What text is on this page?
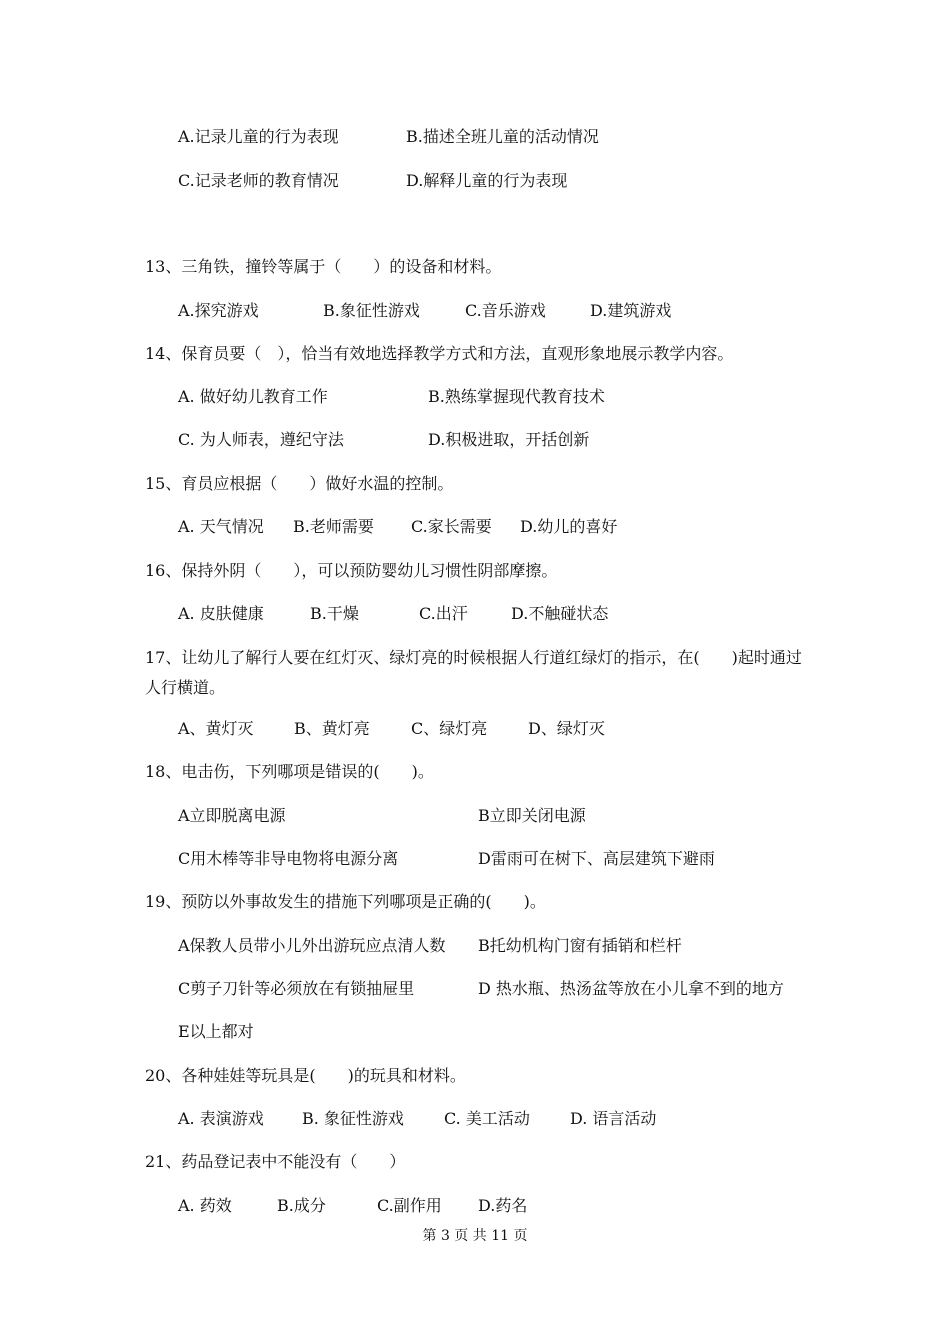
A.记录儿童的行为表现	B.描述全班儿童的活动情况
C.记录老师的教育情况	D.解释儿童的行为表现
13、三角铁，撞铃等属于（　　）的设备和材料。
A.探究游戏	B.象征性游戏	C.音乐游戏	D.建筑游戏
14、保育员要（　），恰当有效地选择教学方式和方法，直观形象地展示教学内容。
A. 做好幼儿教育工作	B.熟练掌握现代教育技术
C. 为人师表，遵纪守法	D.积极进取，开括创新
15、育员应根据（　　）做好水温的控制。
A. 天气情况 B.老师需要 C.家长需要 D.幼儿的喜好
16、保持外阴（　　），可以预防婴幼儿习惯性阴部摩擦。
A. 皮肤健康	B.干燥	C.出汗	D.不触碰状态
17、让幼儿了解行人要在红灯灭、绿灯亮的时候根据人行道红绿灯的指示，在(　　)起时通过人行横道。
A、黄灯灭	B、黄灯亮	C、绿灯亮	D、绿灯灭
18、电击伤，下列哪项是错误的(　　)。
A立即脱离电源	B立即关闭电源
C用木棒等非导电物将电源分离	D雷雨可在树下、高层建筑下避雨
19、预防以外事故发生的措施下列哪项是正确的(　　)。
A保教人员带小儿外出游玩应点清人数 B托幼机构门窗有插销和栏杆
C剪子刀针等必须放在有锁抽屉里	D 热水瓶、热汤盆等放在小儿拿不到的地方
E以上都对
20、各种娃娃等玩具是(　　)的玩具和材料。
A. 表演游戏 B. 象征性游戏	C. 美工活动	D. 语言活动
21、药品登记表中不能没有（　　）
A. 药效	B.成分	C.副作用 D.药名
第 3 页 共 11 页
